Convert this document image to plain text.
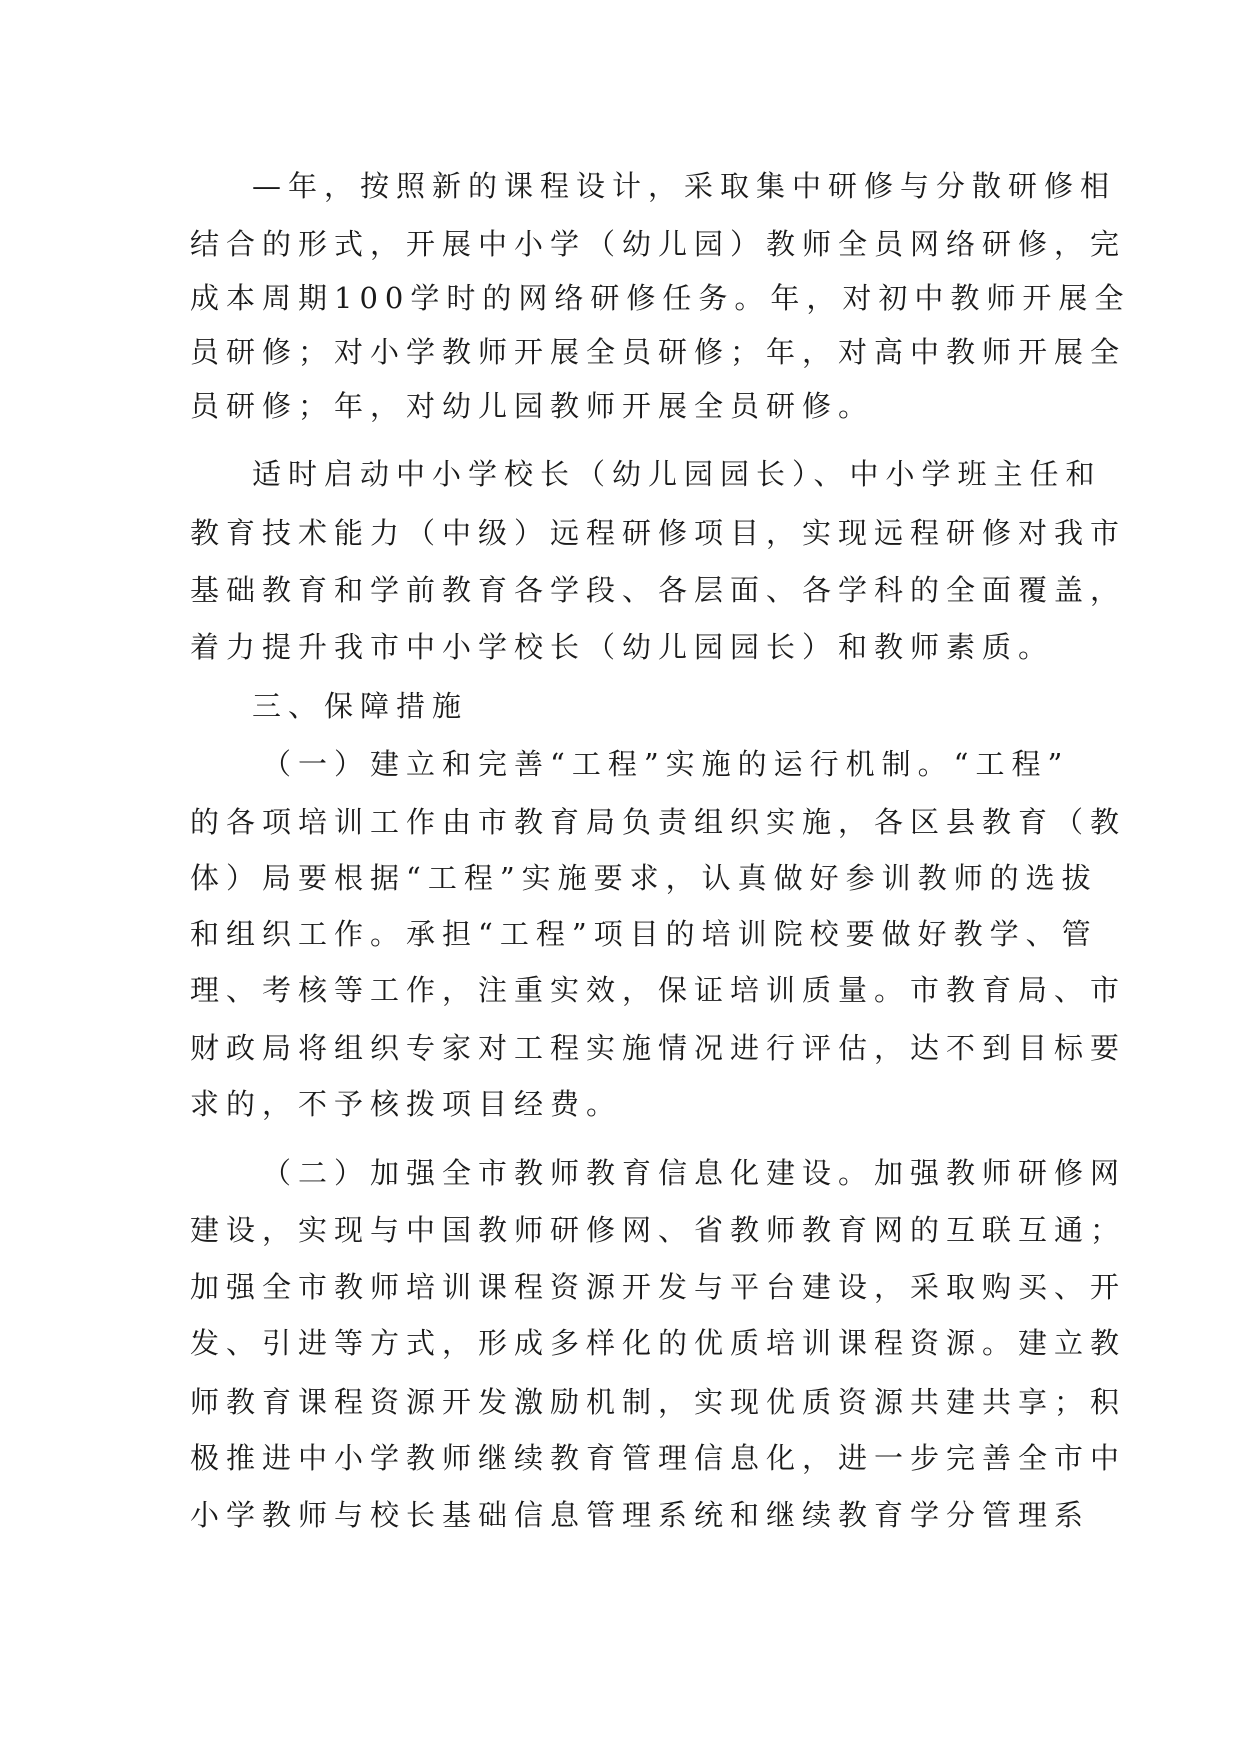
—年，按照新的课程设计，采取集中研修与分散研修相
结合的形式，开展中小学（幼儿园）教师全员网络研修，完
成本周期100学时的网络研修任务。年，对初中教师开展全
员研修；对小学教师开展全员研修；年，对高中教师开展全
员研修；年，对幼儿园教师开展全员研修。
适时启动中小学校长（幼儿园园长）、中小学班主任和
教育技术能力（中级）远程研修项目，实现远程研修对我市
基础教育和学前教育各学段、各层面、各学科的全面覆盖，
着力提升我市中小学校长（幼儿园园长）和教师素质。
三、保障措施
（一）建立和完善“工程”实施的运行机制。“工程”
的各项培训工作由市教育局负责组织实施，各区县教育（教
体）局要根据“工程”实施要求，认真做好参训教师的选拔
和组织工作。承担“工程”项目的培训院校要做好教学、管
理、考核等工作，注重实效，保证培训质量。市教育局、市
财政局将组织专家对工程实施情况进行评估，达不到目标要
求的，不予核拨项目经费。
（二）加强全市教师教育信息化建设。加强教师研修网
建设，实现与中国教师研修网、省教师教育网的互联互通；
加强全市教师培训课程资源开发与平台建设，采取购买、开
发、引进等方式，形成多样化的优质培训课程资源。建立教
师教育课程资源开发激励机制，实现优质资源共建共享；积
极推进中小学教师继续教育管理信息化，进一步完善全市中
小学教师与校长基础信息管理系统和继续教育学分管理系
